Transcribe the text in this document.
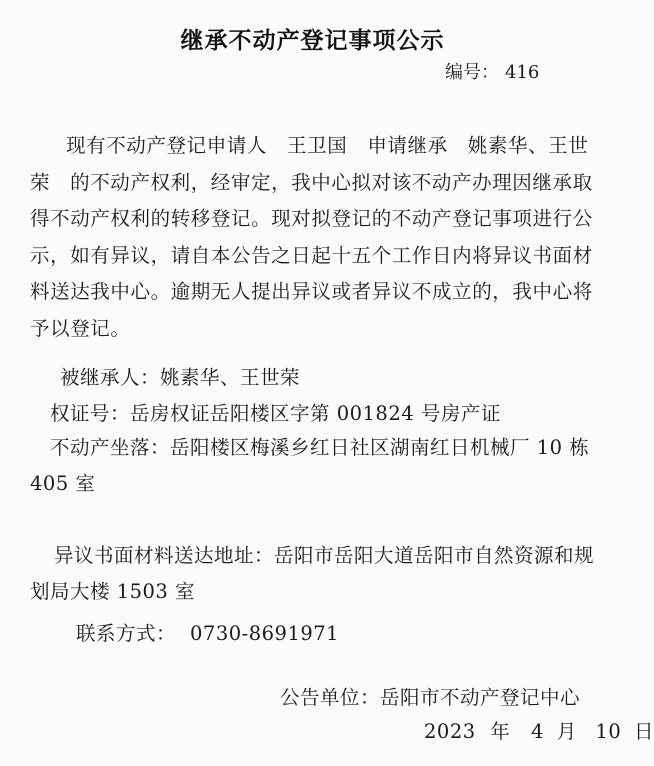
继承不动产登记事项公示
编号： 416
现有不动产登记申请人 王卫国 申请继承 姚素华、王世荣 的不动产权利，经审定，我中心拟对该不动产办理因继承取得不动产权利的转移登记。现对拟登记的不动产登记事项进行公示，如有异议，请自本公告之日起十五个工作日内将异议书面材料送达我中心。逾期无人提出异议或者异议不成立的，我中心将予以登记。
被继承人：姚素华、王世荣
权证号：岳房权证岳阳楼区字第 001824 号房产证
不动产坐落：岳阳楼区梅溪乡红日社区湖南红日机械厂 10 栋 405 室
异议书面材料送达地址：岳阳市岳阳大道岳阳市自然资源和规划局大楼 1503 室
联系方式： 0730-8691971
公告单位：岳阳市不动产登记中心
2023 年 4 月 10 日
